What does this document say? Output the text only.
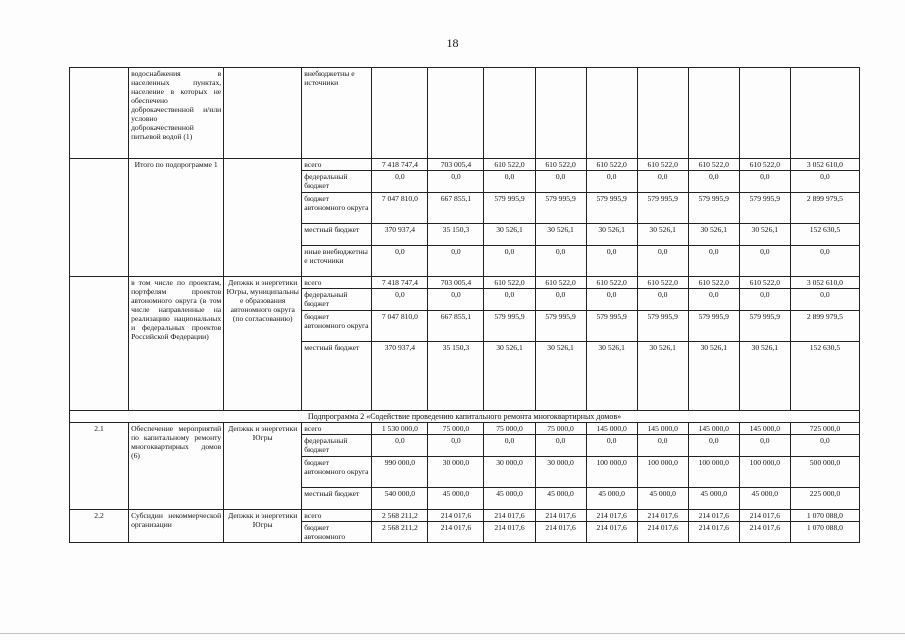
18
	водоснабжения в населенных пунктах, население в которых не обеспечено доброкачественной и/или условно доброкачественной питьевой водой (1)		внебюджетны е источники									
	Итого по подпрограмме 1		всего	7 418 747,4	703 005,4	610 522,0	610 522,0	610 522,0	610 522,0	610 522,0	610 522,0	3 052 610,0
			федеральный бюджет	0,0	0,0	0,0	0,0	0,0	0,0	0,0	0,0	0,0
			бюджет автономного округа	7 047 810,0	667 855,1	579 995,9	579 995,9	579 995,9	579 995,9	579 995,9	579 995,9	2 899 979,5
			местный бюджет	370 937,4	35 150,3	30 526,1	30 526,1	30 526,1	30 526,1	30 526,1	30 526,1	152 630,5
			иные внебюджетны е источники	0,0	0,0	0,0	0,0	0,0	0,0	0,0	0,0	0,0
	в том числе по проектам, портфелям проектов автономного округа (в том числе направленные на реализацию национальных и федеральных проектов Российской Федерации)	Депжкк и энергетики Югры, муниципальны е образования автономного округа (по согласованию)	всего	7 418 747,4	703 005,4	610 522,0	610 522,0	610 522,0	610 522,0	610 522,0	610 522,0	3 052 610,0
			федеральный бюджет	0,0	0,0	0,0	0,0	0,0	0,0	0,0	0,0	0,0
			бюджет автономного округа	7 047 810,0	667 855,1	579 995,9	579 995,9	579 995,9	579 995,9	579 995,9	579 995,9	2 899 979,5
			местный бюджет	370 937,4	35 150,3	30 526,1	30 526,1	30 526,1	30 526,1	30 526,1	30 526,1	152 630,5
Подпрограмма 2 «Содействие проведению капитального ремонта многоквартирных домов»												
2.1	Обеспечение мероприятий по капитальному ремонту многоквартирных домов (6)	Депжкк и энергетики Югры	всего	1 530 000,0	75 000,0	75 000,0	75 000,0	145 000,0	145 000,0	145 000,0	145 000,0	725 000,0
			федеральный бюджет	0,0	0,0	0,0	0,0	0,0	0,0	0,0	0,0	0,0
			бюджет автономного округа	990 000,0	30 000,0	30 000,0	30 000,0	100 000,0	100 000,0	100 000,0	100 000,0	500 000,0
			местный бюджет	540 000,0	45 000,0	45 000,0	45 000,0	45 000,0	45 000,0	45 000,0	45 000,0	225 000,0
2.2	Субсидии некоммерческой организации	Депжкк и энергетики Югры	всего	2 568 211,2	214 017,6	214 017,6	214 017,6	214 017,6	214 017,6	214 017,6	214 017,6	1 070 088,0
			бюджет автономного	2 568 211,2	214 017,6	214 017,6	214 017,6	214 017,6	214 017,6	214 017,6	214 017,6	1 070 088,0
